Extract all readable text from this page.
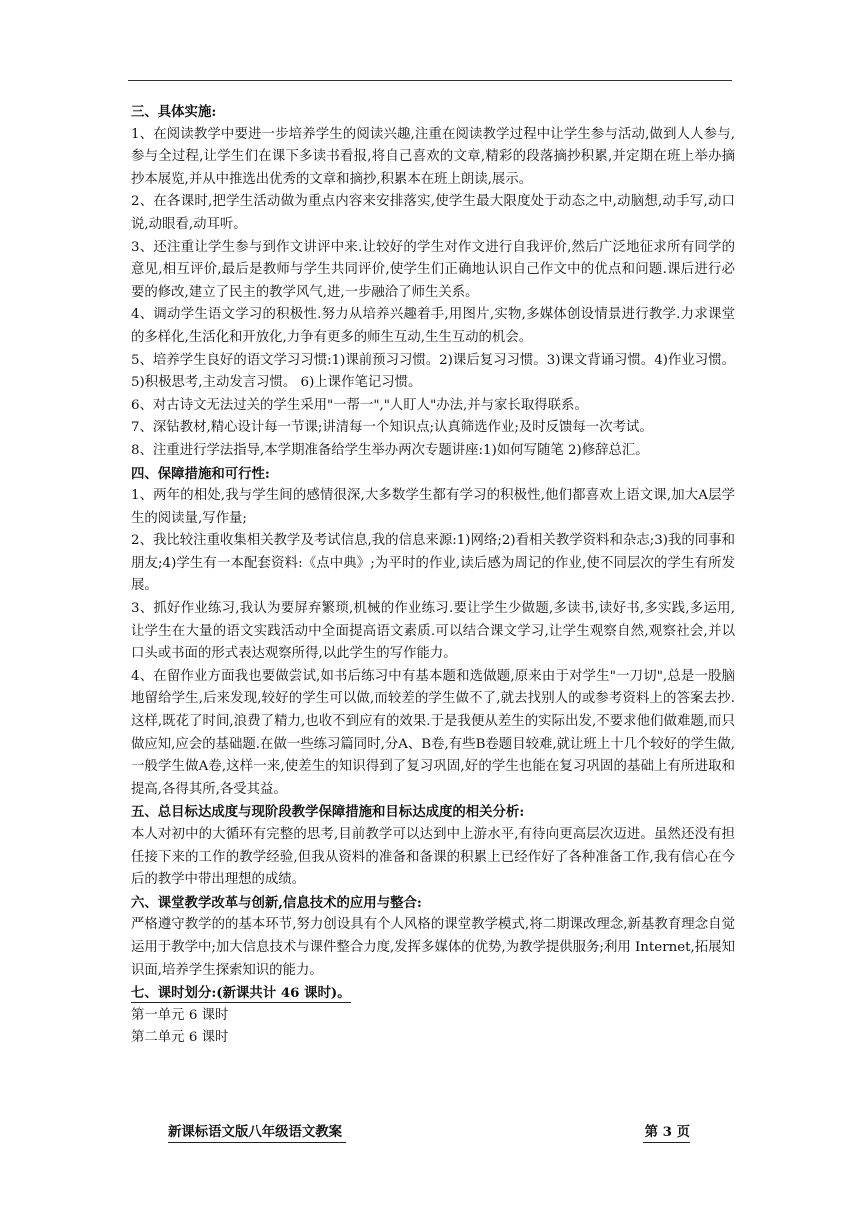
三、具体实施:

1、在阅读教学中要进一步培养学生的阅读兴趣,注重在阅读教学过程中让学生参与活动,做到人人参与,参与全过程,让学生们在课下多读书看报,将自己喜欢的文章,精彩的段落摘抄积累,并定期在班上举办摘抄本展览,并从中推选出优秀的文章和摘抄,积累本在班上朗读,展示。

2、在各课时,把学生活动做为重点内容来安排落实,使学生最大限度处于动态之中,动脑想,动手写,动口说,动眼看,动耳听。

3、还注重让学生参与到作文讲评中来.让较好的学生对作文进行自我评价,然后广泛地征求所有同学的意见,相互评价,最后是教师与学生共同评价,使学生们正确地认识自己作文中的优点和问题.课后进行必要的修改,建立了民主的教学风气,进,一步融洽了师生关系。

4、调动学生语文学习的积极性.努力从培养兴趣着手,用图片,实物,多媒体创设情景进行教学.力求课堂的多样化,生活化和开放化,力争有更多的师生互动,生生互动的机会。

5、培养学生良好的语文学习习惯:1)课前预习习惯。2)课后复习习惯。3)课文背诵习惯。4)作业习惯。5)积极思考,主动发言习惯。 6)上课作笔记习惯。

6、对古诗文无法过关的学生采用"一帮一","人盯人"办法,并与家长取得联系。

7、深钻教材,精心设计每一节课;讲清每一个知识点;认真筛选作业;及时反馈每一次考试。

8、注重进行学法指导,本学期准备给学生举办两次专题讲座:1)如何写随笔 2)修辞总汇。

四、保障措施和可行性:

1、两年的相处,我与学生间的感情很深,大多数学生都有学习的积极性,他们都喜欢上语文课,加大A层学生的阅读量,写作量;

2、我比较注重收集相关教学及考试信息,我的信息来源:1)网络;2)看相关教学资料和杂志;3)我的同事和朋友;4)学生有一本配套资料:《点中典》;为平时的作业,读后感为周记的作业,使不同层次的学生有所发展。

3、抓好作业练习,我认为要屏弃繁琐,机械的作业练习.要让学生少做题,多读书,读好书,多实践,多运用,让学生在大量的语文实践活动中全面提高语文素质.可以结合课文学习,让学生观察自然,观察社会,并以口头或书面的形式表达观察所得,以此学生的写作能力。

4、在留作业方面我也要做尝试,如书后练习中有基本题和选做题,原来由于对学生"一刀切",总是一股脑地留给学生,后来发现,较好的学生可以做,而较差的学生做不了,就去找别人的或参考资料上的答案去抄.这样,既花了时间,浪费了精力,也收不到应有的效果.于是我便从差生的实际出发,不要求他们做难题,而只做应知,应会的基础题.在做一些练习篇同时,分A、B卷,有些B卷题目较难,就让班上十几个较好的学生做,一般学生做A卷,这样一来,使差生的知识得到了复习巩固,好的学生也能在复习巩固的基础上有所进取和提高,各得其所,各受其益。

五、总目标达成度与现阶段教学保障措施和目标达成度的相关分析:

本人对初中的大循环有完整的思考,目前教学可以达到中上游水平,有待向更高层次迈进。虽然还没有担任接下来的工作的教学经验,但我从资料的准备和备课的积累上已经作好了各种准备工作,我有信心在今后的教学中带出理想的成绩。

六、课堂教学改革与创新,信息技术的应用与整合:

严格遵守教学的的基本环节,努力创设具有个人风格的课堂教学模式,将二期课改理念,新基教育理念自觉运用于教学中;加大信息技术与课件整合力度,发挥多媒体的优势,为教学提供服务;利用 Internet,拓展知识面,培养学生探索知识的能力。

七、课时划分:(新课共计 46 课时)。

第一单元 6 课时

第二单元 6 课时

新课标语文版八年级语文教案	第 3 页
